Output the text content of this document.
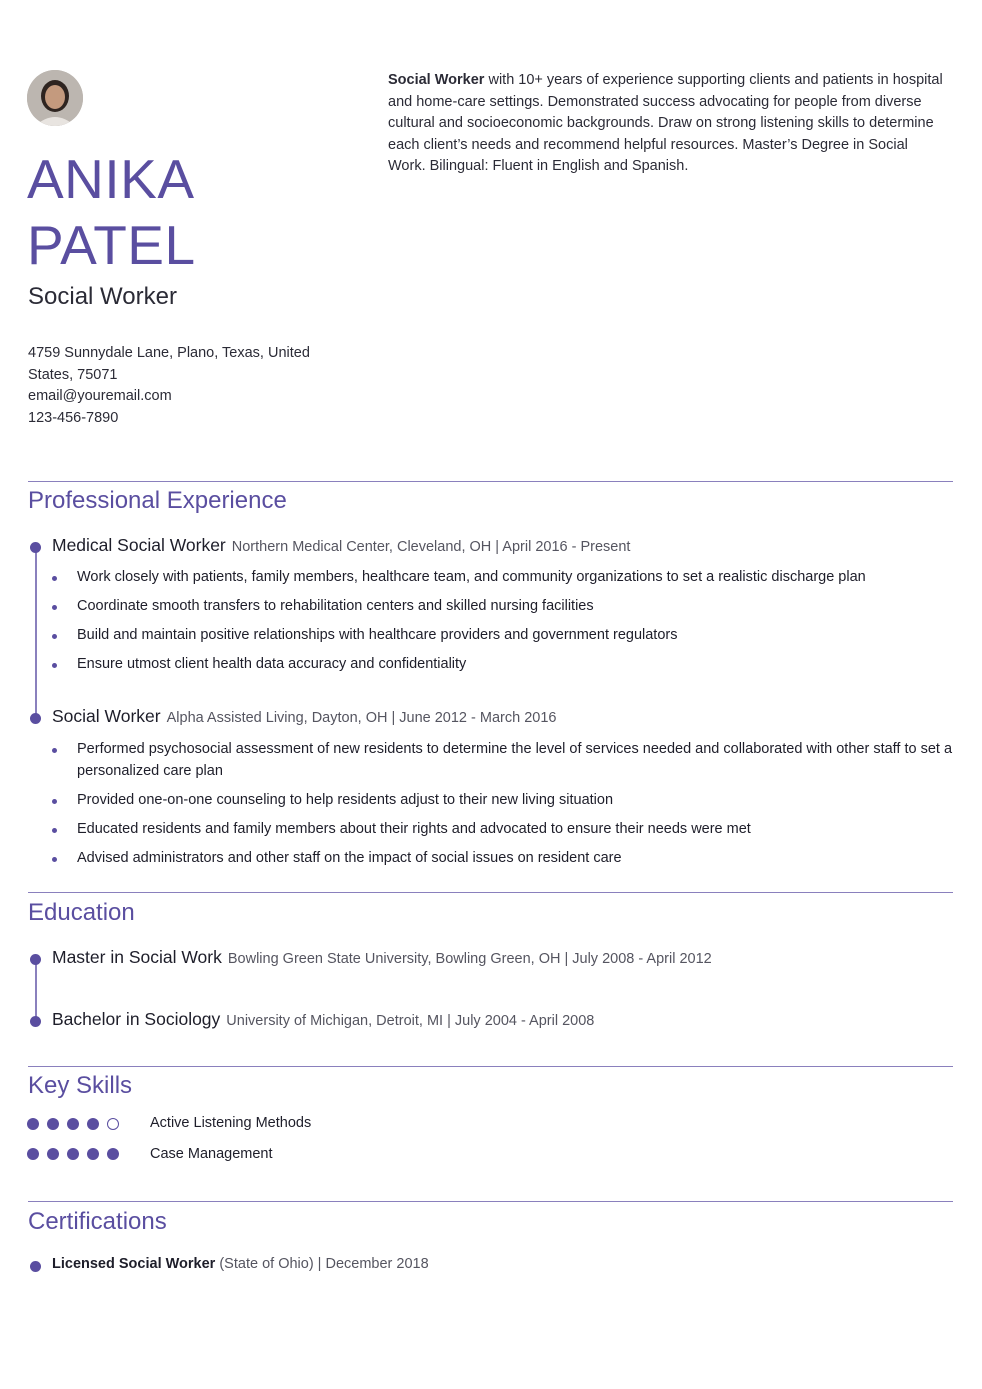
ANIKA
PATEL
Social Worker
4759 Sunnydale Lane, Plano, Texas, United States, 75071
email@youremail.com
123-456-7890
Social Worker with 10+ years of experience supporting clients and patients in hospital and home-care settings. Demonstrated success advocating for people from diverse cultural and socioeconomic backgrounds. Draw on strong listening skills to determine each client’s needs and recommend helpful resources. Master’s Degree in Social Work. Bilingual: Fluent in English and Spanish.
Professional Experience
Medical Social Worker Northern Medical Center, Cleveland, OH | April 2016 - Present
Work closely with patients, family members, healthcare team, and community organizations to set a realistic discharge plan
Coordinate smooth transfers to rehabilitation centers and skilled nursing facilities
Build and maintain positive relationships with healthcare providers and government regulators
Ensure utmost client health data accuracy and confidentiality
Social Worker Alpha Assisted Living, Dayton, OH | June 2012 - March 2016
Performed psychosocial assessment of new residents to determine the level of services needed and collaborated with other staff to set a personalized care plan
Provided one-on-one counseling to help residents adjust to their new living situation
Educated residents and family members about their rights and advocated to ensure their needs were met
Advised administrators and other staff on the impact of social issues on resident care
Education
Master in Social Work Bowling Green State University, Bowling Green, OH | July 2008 - April 2012
Bachelor in Sociology University of Michigan, Detroit, MI | July 2004 - April 2008
Key Skills
Active Listening Methods
Case Management
Certifications
Licensed Social Worker (State of Ohio) | December 2018
